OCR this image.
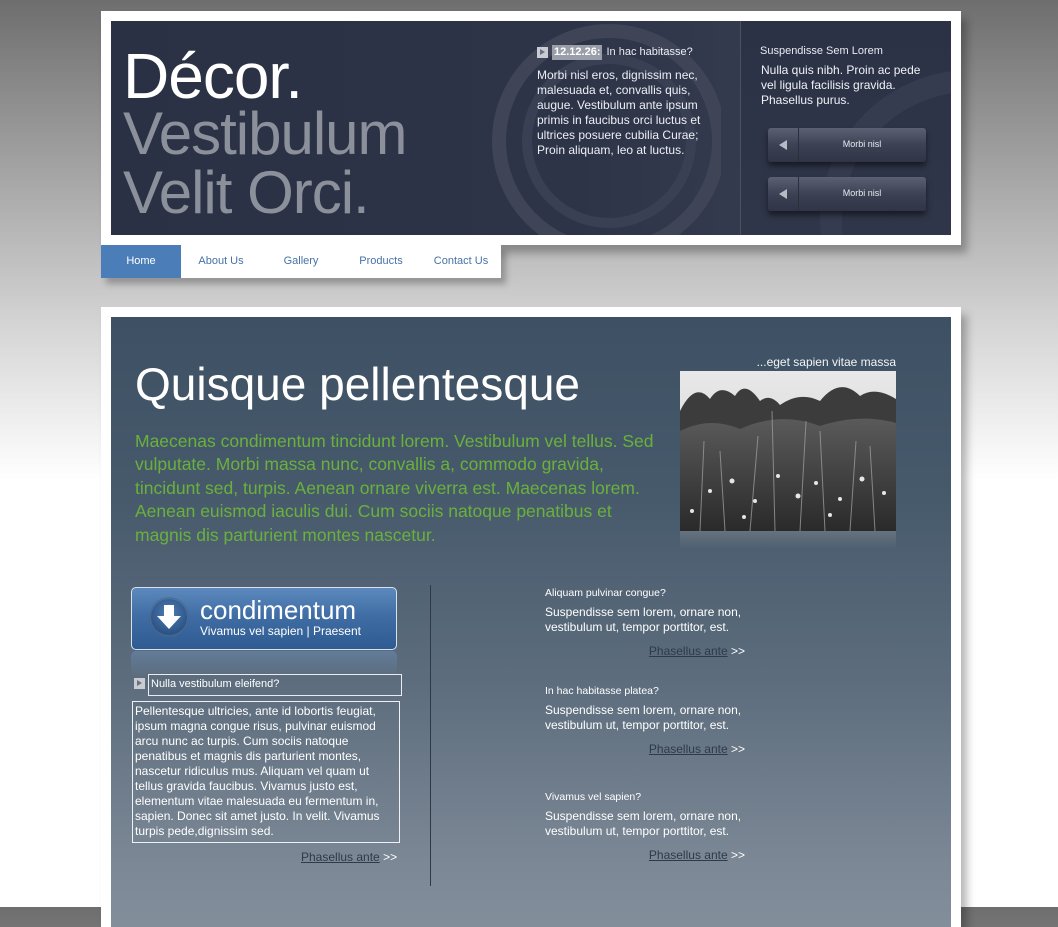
Décor.
Vestibulum
Velit Orci.
12.12.26: In hac habitasse?
Morbi nisl eros, dignissim nec, malesuada et, convallis quis, augue. Vestibulum ante ipsum primis in faucibus orci luctus et ultrices posuere cubilia Curae; Proin aliquam, leo at luctus.
Suspendisse Sem Lorem
Nulla quis nibh. Proin ac pede vel ligula facilisis gravida. Phasellus purus.
Morbi nisl
Morbi nisl
Home	About Us	Gallery	Products	Contact Us
Quisque pellentesque
Maecenas condimentum tincidunt lorem. Vestibulum vel tellus. Sed vulputate. Morbi massa nunc, convallis a, commodo gravida, tincidunt sed, turpis. Aenean ornare viverra est. Maecenas lorem. Aenean euismod iaculis dui. Cum sociis natoque penatibus et magnis dis parturient montes nascetur.
...eget sapien vitae massa
condimentum
Vivamus vel sapien | Praesent
Nulla vestibulum eleifend?

Pellentesque ultricies, ante id lobortis feugiat, ipsum magna congue risus, pulvinar euismod arcu nunc ac turpis. Cum sociis natoque penatibus et magnis dis parturient montes, nascetur ridiculus mus. Aliquam vel quam ut tellus gravida faucibus. Vivamus justo est, elementum vitae malesuada eu fermentum in, sapien. Donec sit amet justo. In velit. Vivamus turpis pede,dignissim sed.

Phasellus ante >>
Aliquam pulvinar congue?
Suspendisse sem lorem, ornare non, vestibulum ut, tempor porttitor, est.
Phasellus ante >>
In hac habitasse platea?
Suspendisse sem lorem, ornare non, vestibulum ut, tempor porttitor, est.
Phasellus ante >>
Vivamus vel sapien?
Suspendisse sem lorem, ornare non, vestibulum ut, tempor porttitor, est.
Phasellus ante >>
